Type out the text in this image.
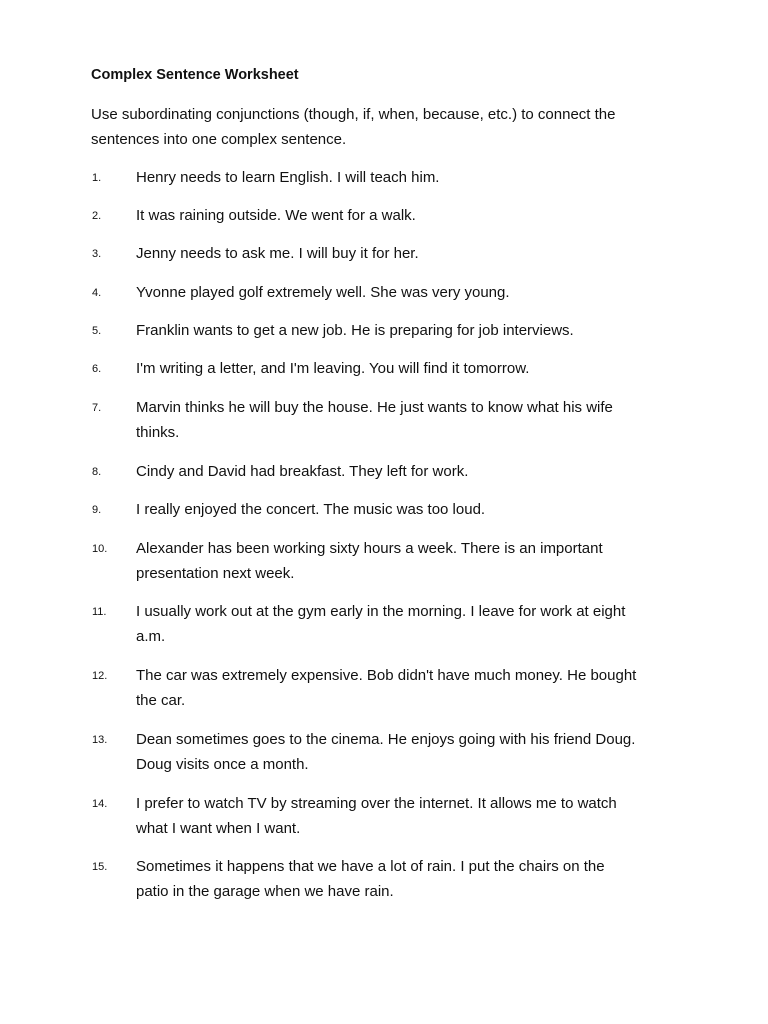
Complex Sentence Worksheet
Use subordinating conjunctions (though, if, when, because, etc.) to connect the
sentences into one complex sentence.
1.	Henry needs to learn English. I will teach him.
2.	It was raining outside. We went for a walk.
3.	Jenny needs to ask me. I will buy it for her.
4.	Yvonne played golf extremely well. She was very young.
5.	Franklin wants to get a new job. He is preparing for job interviews.
6.	I'm writing a letter, and I'm leaving. You will find it tomorrow.
7.	Marvin thinks he will buy the house. He just wants to know what his wife
thinks.
8.	Cindy and David had breakfast. They left for work.
9.	I really enjoyed the concert. The music was too loud.
10.	Alexander has been working sixty hours a week. There is an important
presentation next week.
11.	I usually work out at the gym early in the morning. I leave for work at eight
a.m.
12.	The car was extremely expensive. Bob didn't have much money. He bought
the car.
13.	Dean sometimes goes to the cinema. He enjoys going with his friend Doug.
Doug visits once a month.
14.	I prefer to watch TV by streaming over the internet. It allows me to watch
what I want when I want.
15.	Sometimes it happens that we have a lot of rain. I put the chairs on the
patio in the garage when we have rain.
